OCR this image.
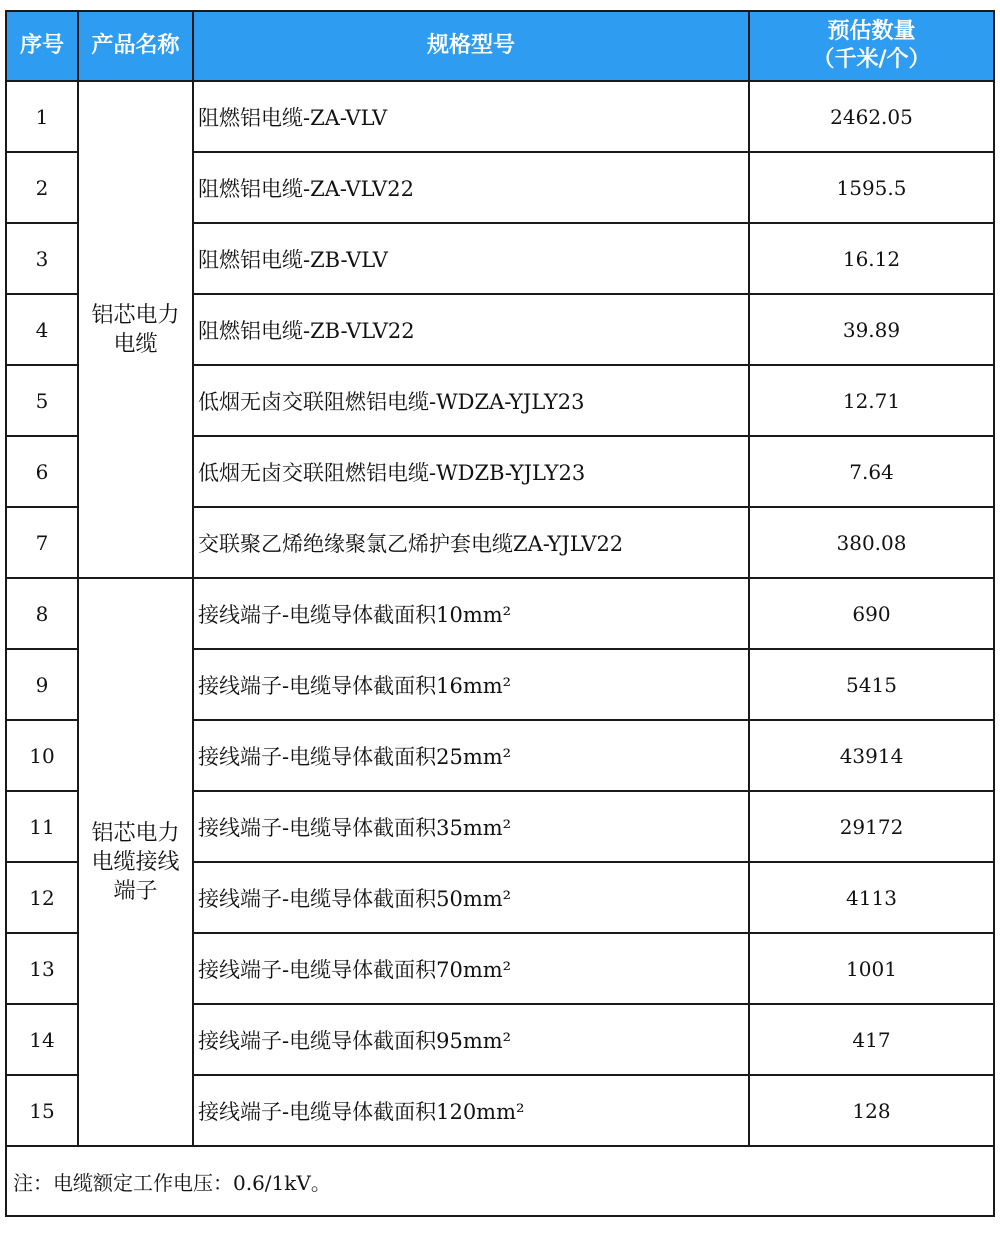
序号	产品名称	规格型号	预估数量
（千米/个）

1	铝芯电力电缆	阻燃铝电缆-ZA-VLV	2462.05
2		阻燃铝电缆-ZA-VLV22	1595.5
3		阻燃铝电缆-ZB-VLV	16.12
4		阻燃铝电缆-ZB-VLV22	39.89
5		低烟无卤交联阻燃铝电缆-WDZA-YJLY23	12.71
6		低烟无卤交联阻燃铝电缆-WDZB-YJLY23	7.64
7		交联聚乙烯绝缘聚氯乙烯护套电缆ZA-YJLV22	380.08
8	铝芯电力电缆接线端子	接线端子-电缆导体截面积10mm²	690
9		接线端子-电缆导体截面积16mm²	5415
10		接线端子-电缆导体截面积25mm²	43914
11		接线端子-电缆导体截面积35mm²	29172
12		接线端子-电缆导体截面积50mm²	4113
13		接线端子-电缆导体截面积70mm²	1001
14		接线端子-电缆导体截面积95mm²	417
15		接线端子-电缆导体截面积120mm²	128
注：电缆额定工作电压：0.6/1kV。			
